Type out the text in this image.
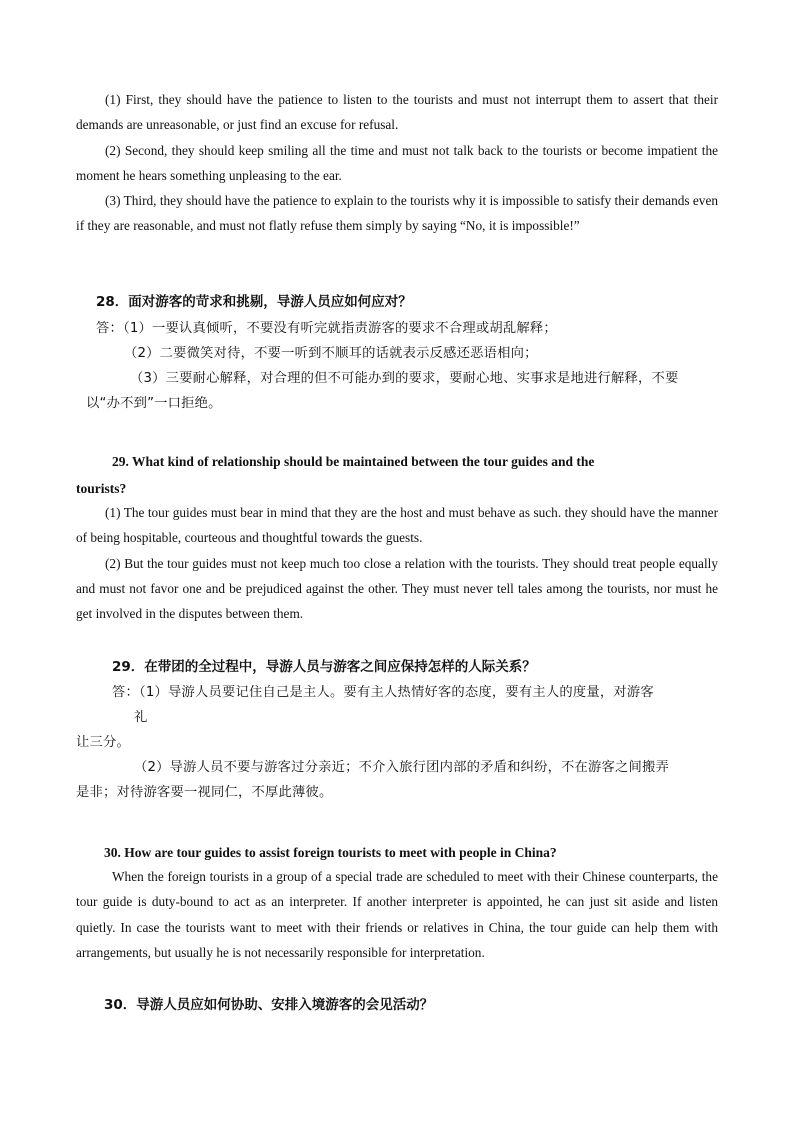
(1) First, they should have the patience to listen to the tourists and must not interrupt them to assert that their demands are unreasonable, or just find an excuse for refusal.

(2) Second, they should keep smiling all the time and must not talk back to the tourists or become impatient the moment he hears something unpleasing to the ear.

(3) Third, they should have the patience to explain to the tourists why it is impossible to satisfy their demands even if they are reasonable, and must not flatly refuse them simply by saying “No, it is impossible!”

28．面对游客的苛求和挑剔，导游人员应如何应对？

答：（1）一要认真倾听，不要没有听完就指责游客的要求不合理或胡乱解释；

（2）二要微笑对待，不要一听到不顺耳的话就表示反感还恶语相向；

（3）三要耐心解释，对合理的但不可能办到的要求，要耐心地、实事求是地进行解释，不要

以“办不到”一口拒绝。

29. What kind of relationship should be maintained between the tour guides and the

tourists?

(1) The tour guides must bear in mind that they are the host and must behave as such. they should have the manner of being hospitable, courteous and thoughtful towards the guests.

(2) But the tour guides must not keep much too close a relation with the tourists. They should treat people equally and must not favor one and be prejudiced against the other. They must never tell tales among the tourists, nor must he get involved in the disputes between them.

29．在带团的全过程中，导游人员与游客之间应保持怎样的人际关系？

答：（1）导游人员要记住自己是主人。要有主人热情好客的态度，要有主人的度量，对游客

礼

让三分。

（2）导游人员不要与游客过分亲近；不介入旅行团内部的矛盾和纠纷，不在游客之间搬弄

是非；对待游客要一视同仁，不厚此薄彼。

30. How are tour guides to assist foreign tourists to meet with people in China?

When the foreign tourists in a group of a special trade are scheduled to meet with their Chinese counterparts, the tour guide is duty-bound to act as an interpreter. If another interpreter is appointed, he can just sit aside and listen quietly. In case the tourists want to meet with their friends or relatives in China, the tour guide can help them with arrangements, but usually he is not necessarily responsible for interpretation.

30．导游人员应如何协助、安排入境游客的会见活动？
